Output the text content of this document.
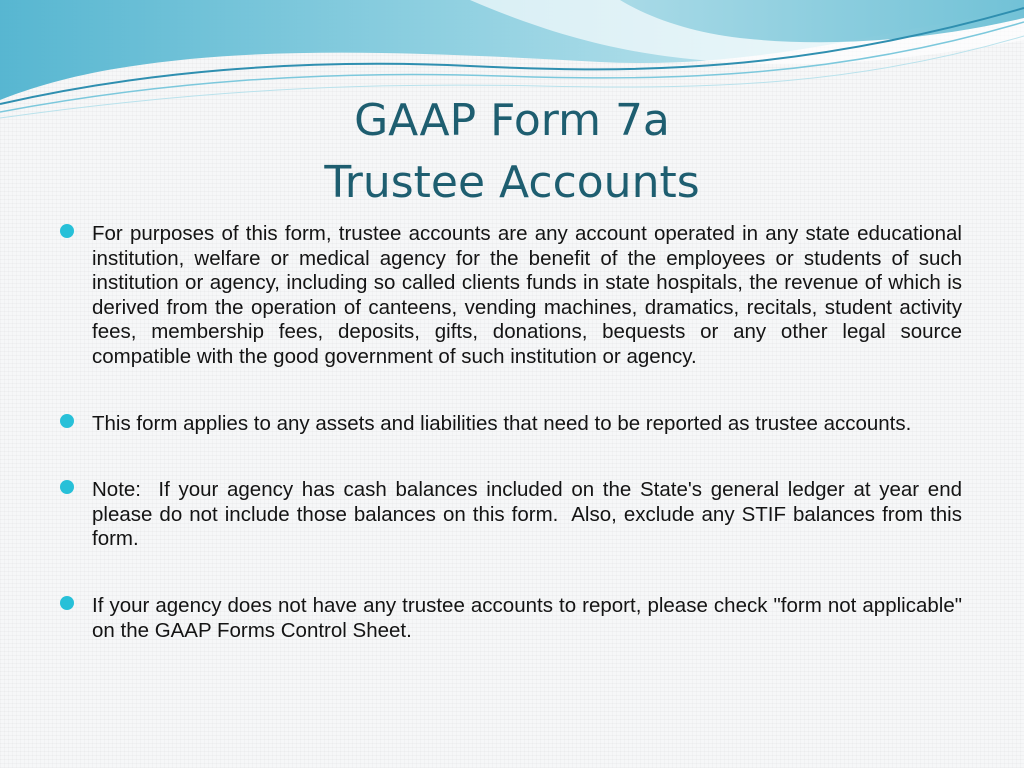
GAAP Form 7a
Trustee Accounts
For purposes of this form, trustee accounts are any account operated in any state educational institution, welfare or medical agency for the benefit of the employees or students of such institution or agency, including so called clients funds in state hospitals, the revenue of which is derived from the operation of canteens, vending machines, dramatics, recitals, student activity fees, membership fees, deposits, gifts, donations, bequests or any other legal source compatible with the good government of such institution or agency.
This form applies to any assets and liabilities that need to be reported as trustee accounts.
Note:  If your agency has cash balances included on the State's general ledger at year end please do not include those balances on this form.  Also, exclude any STIF balances from this form.
If your agency does not have any trustee accounts to report, please check "form not applicable" on the GAAP Forms Control Sheet.
